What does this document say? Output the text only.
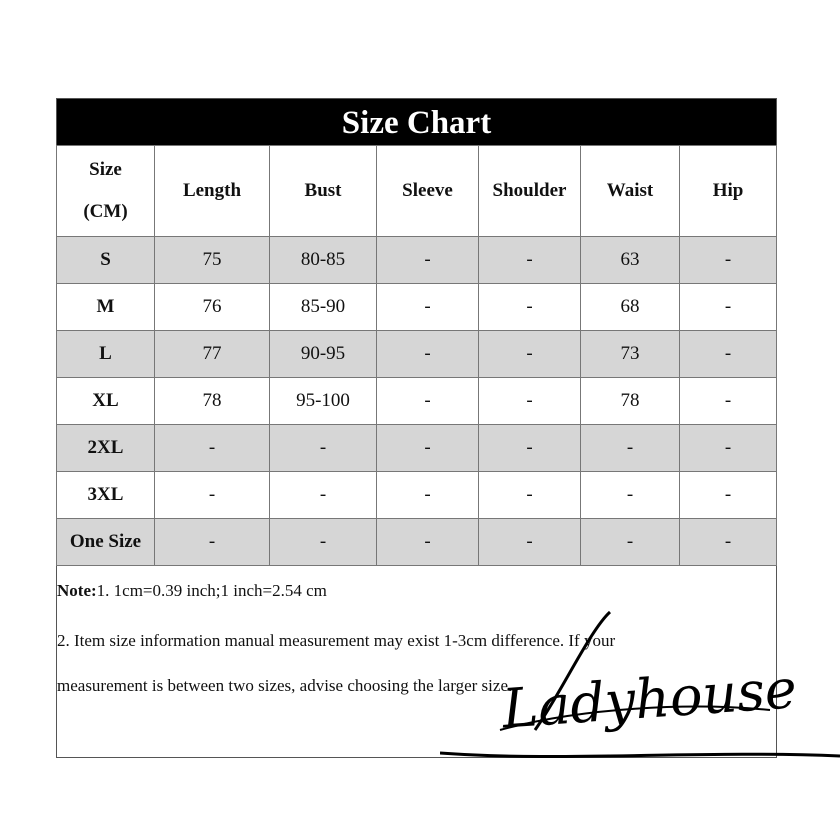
Size Chart
Size
(CM)	Length	Bust	Sleeve	Shoulder	Waist	Hip
S	75	80-85	-	-	63	-
M	76	85-90	-	-	68	-
L	77	90-95	-	-	73	-
XL	78	95-100	-	-	78	-
2XL	-	-	-	-	-	-
3XL	-	-	-	-	-	-
One Size	-	-	-	-	-	-
Note:1. 1cm=0.39 inch;1 inch=2.54 cm
2. Item size information manual measurement may exist 1-3cm difference. If your
measurement is between two sizes, advise choosing the larger size.
Ladyhouse
